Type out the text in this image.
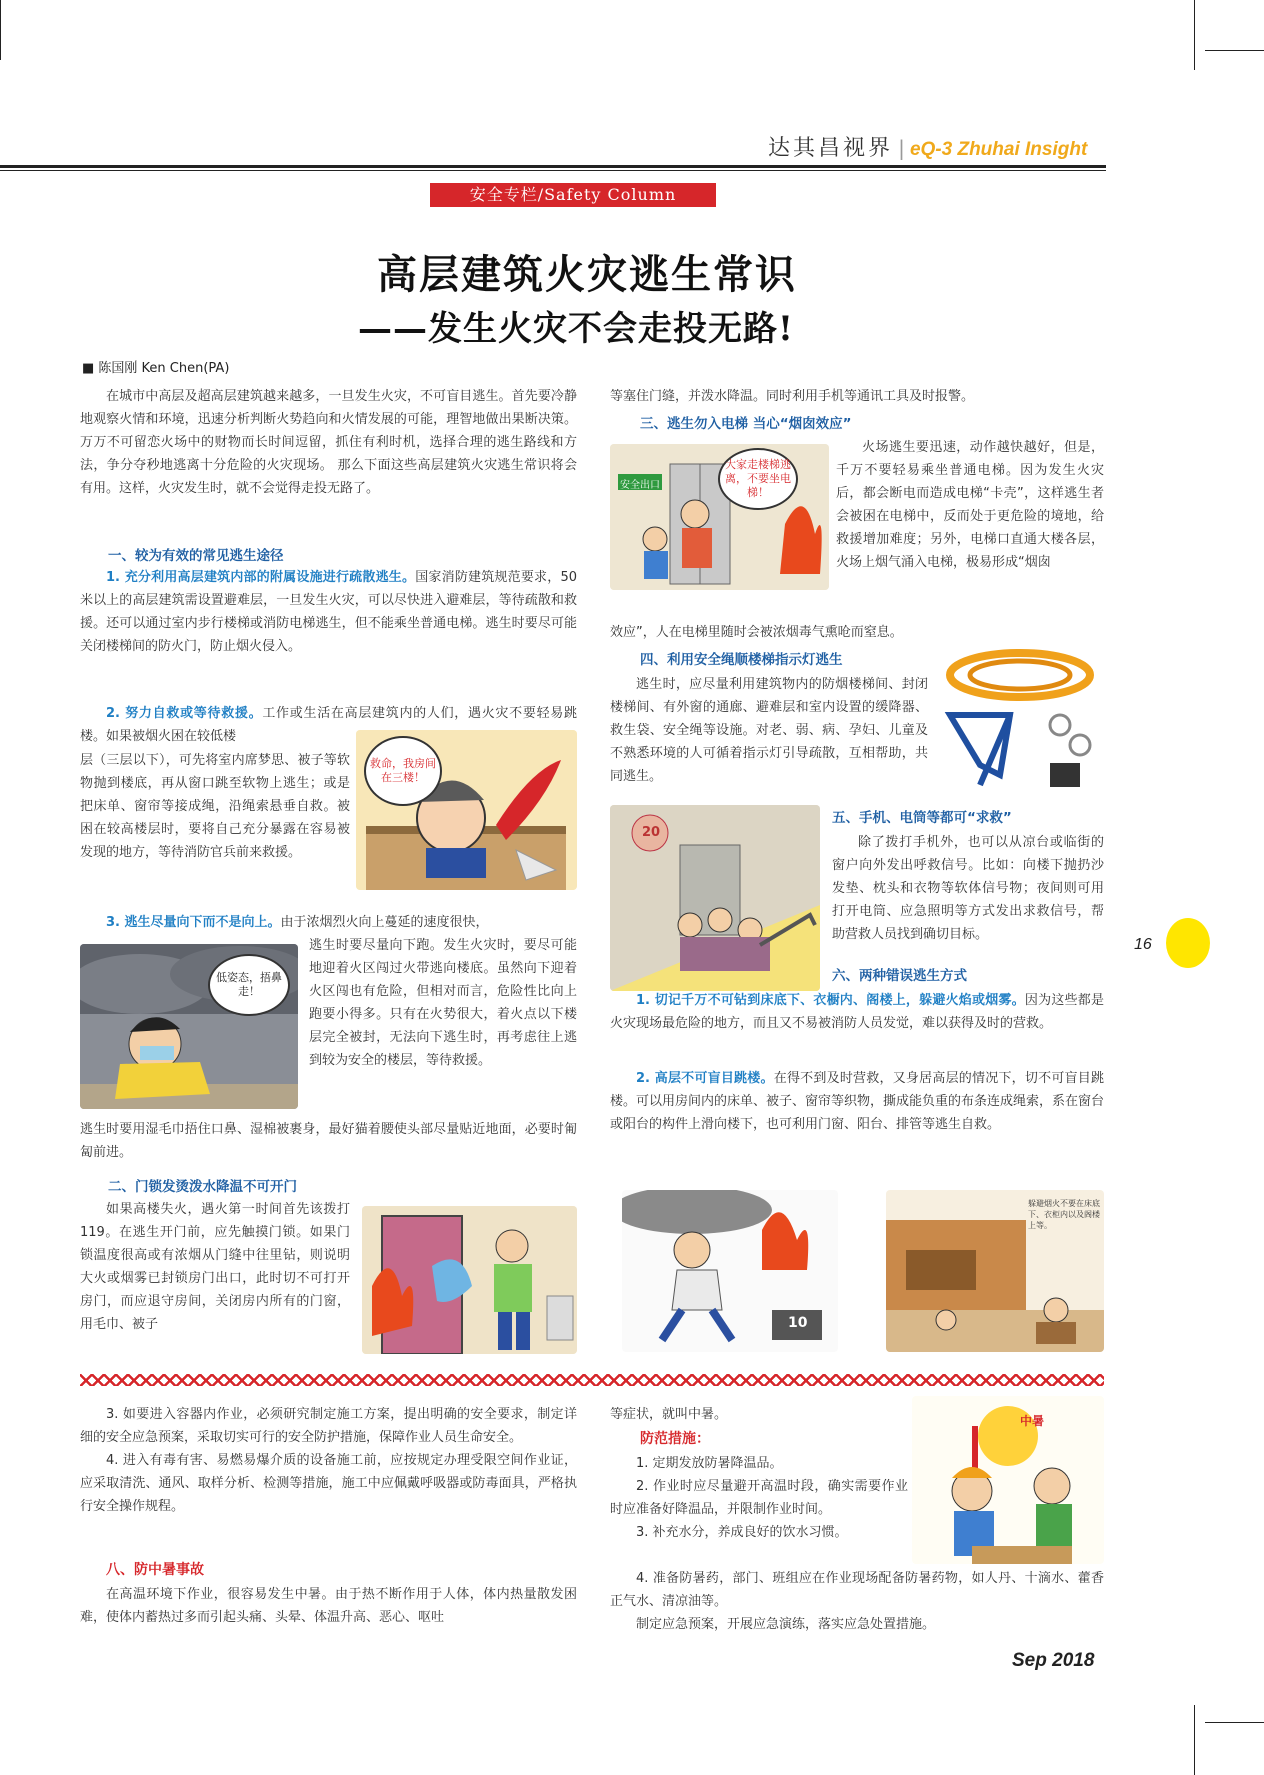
达其昌视界 | eQ-3 Zhuhai Insight
安全专栏/Safety Column
高层建筑火灾逃生常识
——发生火灾不会走投无路!
■ 陈国刚 Ken Chen(PA)

在城市中高层及超高层建筑越来越多，一旦发生火灾，不可盲目逃生。首先要冷静地观察火情和环境，迅速分析判断火势趋向和火情发展的可能，理智地做出果断决策。万万不可留恋火场中的财物而长时间逗留，抓住有利时机，选择合理的逃生路线和方法，争分夺秒地逃离十分危险的火灾现场。 那么下面这些高层建筑火灾逃生常识将会有用。这样，火灾发生时，就不会觉得走投无路了。

一、较为有效的常见逃生途径

1. 充分利用高层建筑内部的附属设施进行疏散逃生。国家消防建筑规范要求，50米以上的高层建筑需设置避难层，一旦发生火灾，可以尽快进入避难层，等待疏散和救援。还可以通过室内步行楼梯或消防电梯逃生，但不能乘坐普通电梯。逃生时要尽可能关闭楼梯间的防火门，防止烟火侵入。

2. 努力自救或等待救援。工作或生活在高层建筑内的人们，遇火灾不要轻易跳楼。如果被烟火困在较低楼

层（三层以下），可先将室内席梦思、被子等软物抛到楼底，再从窗口跳至软物上逃生；或是把床单、窗帘等接成绳，沿绳索悬垂自救。被困在较高楼层时，要将自己充分暴露在容易被发现的地方，等待消防官兵前来救援。

救命，我房间在三楼！

3. 逃生尽量向下而不是向上。由于浓烟烈火向上蔓延的速度很快，

低姿态，捂鼻走！

逃生时要尽量向下跑。发生火灾时，要尽可能地迎着火区闯过火带逃向楼底。虽然向下迎着火区闯也有危险，但相对而言，危险性比向上跑要小得多。只有在火势很大，着火点以下楼层完全被封，无法向下逃生时，再考虑往上逃到较为安全的楼层，等待救援。

逃生时要用湿毛巾捂住口鼻、湿棉被裹身，最好猫着腰使头部尽量贴近地面，必要时匍匐前进。

二、门锁发烫泼水降温不可开门

如果高楼失火，遇火第一时间首先该拨打119。在逃生开门前，应先触摸门锁。如果门锁温度很高或有浓烟从门缝中往里钻，则说明大火或烟雾已封锁房门出口，此时切不可打开房门，而应退守房间，关闭房内所有的门窗，用毛巾、被子

等塞住门缝，并泼水降温。同时利用手机等通讯工具及时报警。

三、逃生勿入电梯 当心“烟囱效应”
安全出口
大家走楼梯逃离，不要坐电梯！

火场逃生要迅速，动作越快越好，但是，千万不要轻易乘坐普通电梯。因为发生火灾后，都会断电而造成电梯“卡壳”，这样逃生者会被困在电梯中，反而处于更危险的境地，给救援增加难度；另外，电梯口直通大楼各层，火场上烟气涌入电梯，极易形成“烟囱

效应”，人在电梯里随时会被浓烟毒气熏呛而窒息。

四、利用安全绳顺楼梯指示灯逃生

逃生时，应尽量利用建筑物内的防烟楼梯间、封闭楼梯间、有外窗的通廊、避难层和室内设置的缓降器、救生袋、安全绳等设施。对老、弱、病、孕妇、儿童及不熟悉环境的人可循着指示灯引导疏散，互相帮助，共同逃生。

20
五、手机、电筒等都可“求救”

除了拨打手机外，也可以从凉台或临街的窗户向外发出呼救信号。比如：向楼下抛扔沙发垫、枕头和衣物等软体信号物；夜间则可用打开电筒、应急照明等方式发出求救信号，帮助营救人员找到确切目标。

六、两种错误逃生方式

1. 切记千万不可钻到床底下、衣橱内、阁楼上，躲避火焰或烟雾。因为这些都是火灾现场最危险的地方，而且又不易被消防人员发觉，难以获得及时的营救。

2. 高层不可盲目跳楼。在得不到及时营救，又身居高层的情况下，切不可盲目跳楼。可以用房间内的床单、被子、窗帘等织物，撕成能负重的布条连成绳索，系在窗台或阳台的构件上滑向楼下，也可利用门窗、阳台、排管等逃生自救。

10
躲避烟火不要在床底下、衣柜内以及阁楼上等。
16

3. 如要进入容器内作业，必须研究制定施工方案，提出明确的安全要求，制定详细的安全应急预案，采取切实可行的安全防护措施，保障作业人员生命安全。

4. 进入有毒有害、易燃易爆介质的设备施工前，应按规定办理受限空间作业证，应采取清洗、通风、取样分析、检测等措施，施工中应佩戴呼吸器或防毒面具，严格执行安全操作规程。

八、防中暑事故

在高温环境下作业，很容易发生中暑。由于热不断作用于人体，体内热量散发困难，使体内蓄热过多而引起头痛、头晕、体温升高、恶心、呕吐

等症状，就叫中暑。

防范措施：

1. 定期发放防暑降温品。

2. 作业时应尽量避开高温时段，确实需要作业时应准备好降温品，并限制作业时间。

3. 补充水分，养成良好的饮水习惯。

4. 准备防暑药，部门、班组应在作业现场配备防暑药物，如人丹、十滴水、藿香正气水、清凉油等。

制定应急预案，开展应急演练，落实应急处置措施。

中暑
Sep 2018
